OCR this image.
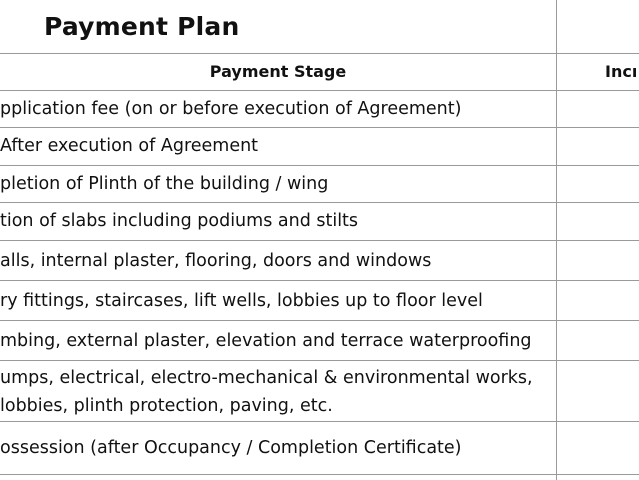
Payment Plan
Payment Stage	Incı
pplication fee (on or before execution of Agreement)
After execution of Agreement
pletion of Plinth of the building / wing
tion of slabs including podiums and stilts
alls, internal plaster, flooring, doors and windows
ry fittings, staircases, lift wells, lobbies up to floor level
mbing, external plaster, elevation and terrace waterproofing
umps, electrical, electro-mechanical & environmental works,
lobbies, plinth protection, paving, etc.
ossession (after Occupancy / Completion Certificate)
